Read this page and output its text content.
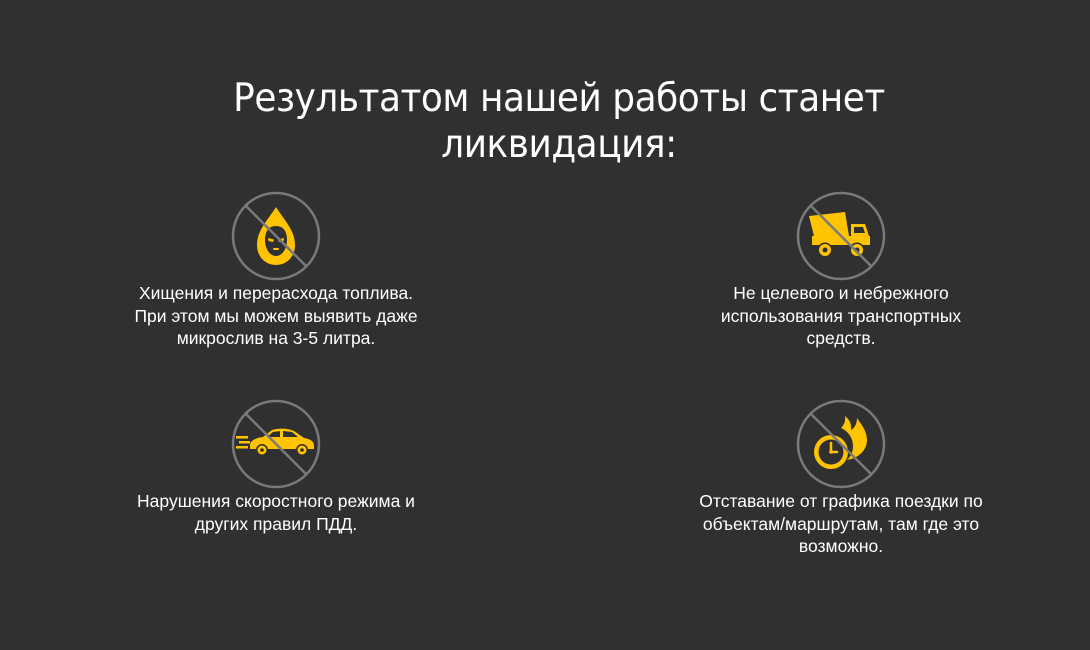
Результатом нашей работы станет
ликвидация:
Хищения и перерасхода топлива.
При этом мы можем выявить даже
микрослив на 3-5 литра.
Не целевого и небрежного
использования транспортных
средств.
Нарушения скоростного режима и
других правил ПДД.
Отставание от графика поездки по
объектам/маршрутам, там где это
возможно.
